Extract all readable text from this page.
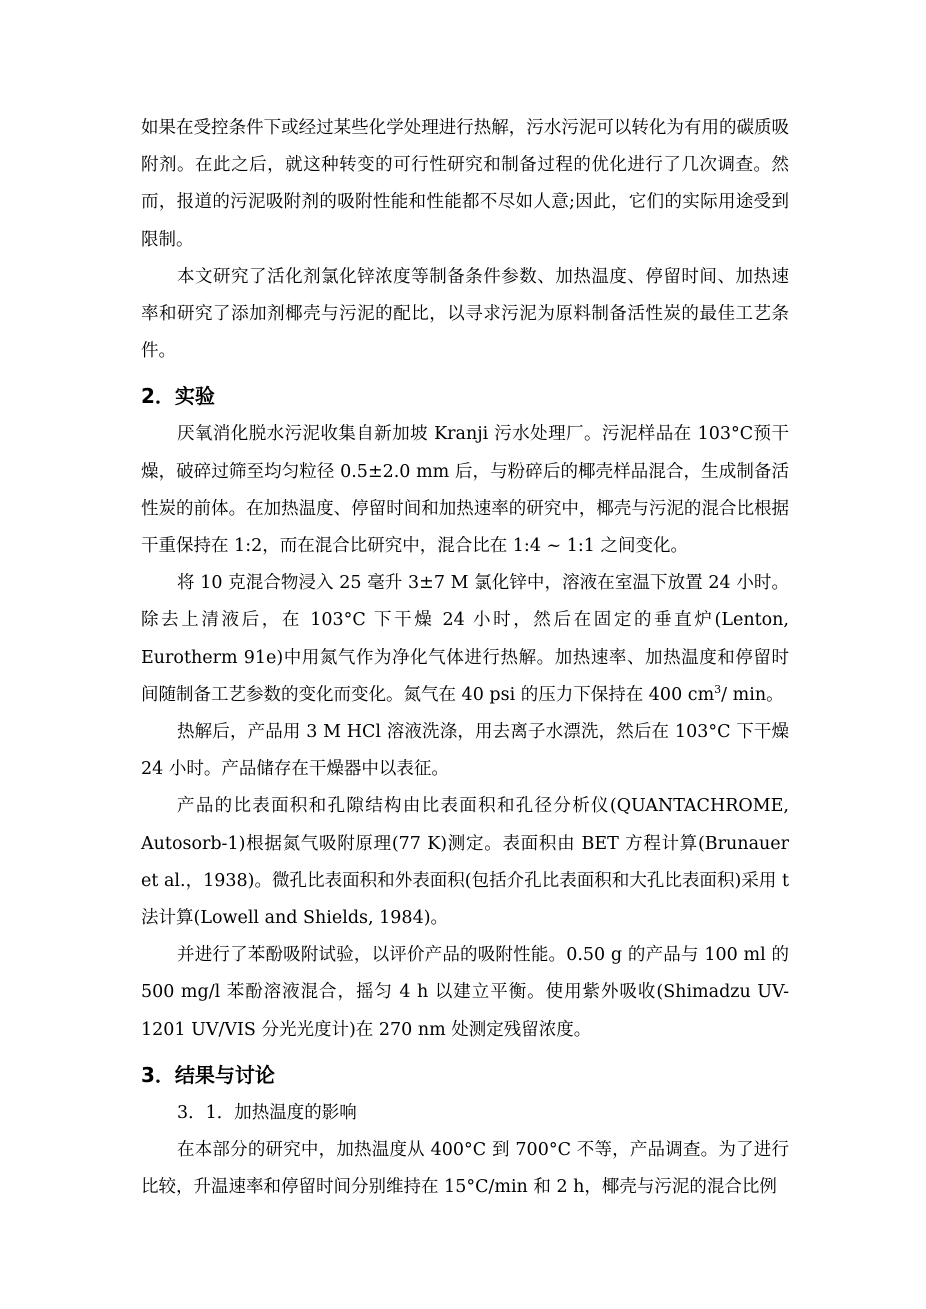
如果在受控条件下或经过某些化学处理进行热解，污水污泥可以转化为有用的碳质吸附剂。在此之后，就这种转变的可行性研究和制备过程的优化进行了几次调查。然而，报道的污泥吸附剂的吸附性能和性能都不尽如人意;因此，它们的实际用途受到限制。

本文研究了活化剂氯化锌浓度等制备条件参数、加热温度、停留时间、加热速率和研究了添加剂椰壳与污泥的配比，以寻求污泥为原料制备活性炭的最佳工艺条件。

2．实验

厌氧消化脱水污泥收集自新加坡 Kranji 污水处理厂。污泥样品在 103°C预干燥，破碎过筛至均匀粒径 0.5±2.0 mm 后，与粉碎后的椰壳样品混合，生成制备活性炭的前体。在加热温度、停留时间和加热速率的研究中，椰壳与污泥的混合比根据干重保持在 1:2，而在混合比研究中，混合比在 1:4 ~ 1:1 之间变化。

将 10 克混合物浸入 25 毫升 3±7 M 氯化锌中，溶液在室温下放置 24 小时。除去上清液后，在 103°C 下干燥 24 小时，然后在固定的垂直炉(Lenton, Eurotherm 91e)中用氮气作为净化气体进行热解。加热速率、加热温度和停留时间随制备工艺参数的变化而变化。氮气在 40 psi 的压力下保持在 400 $cm^3/$ min。

热解后，产品用 3 M HCl 溶液洗涤，用去离子水漂洗，然后在 103°C 下干燥 24 小时。产品储存在干燥器中以表征。

产品的比表面积和孔隙结构由比表面积和孔径分析仪(QUANTACHROME, Autosorb-1)根据氮气吸附原理(77 K)测定。表面积由 BET 方程计算(Brunauer et al.，1938)。微孔比表面积和外表面积(包括介孔比表面积和大孔比表面积)采用 t 法计算(Lowell and Shields, 1984)。

并进行了苯酚吸附试验，以评价产品的吸附性能。0.50 g 的产品与 100 ml 的 500 mg/l 苯酚溶液混合，摇匀 4 h 以建立平衡。使用紫外吸收(Shimadzu UV-1201 UV/VIS 分光光度计)在 270 nm 处测定残留浓度。

3．结果与讨论

3．1．加热温度的影响

在本部分的研究中，加热温度从 400°C 到 700°C 不等，产品调查。为了进行比较，升温速率和停留时间分别维持在 15°C/min 和 2 h，椰壳与污泥的混合比例
